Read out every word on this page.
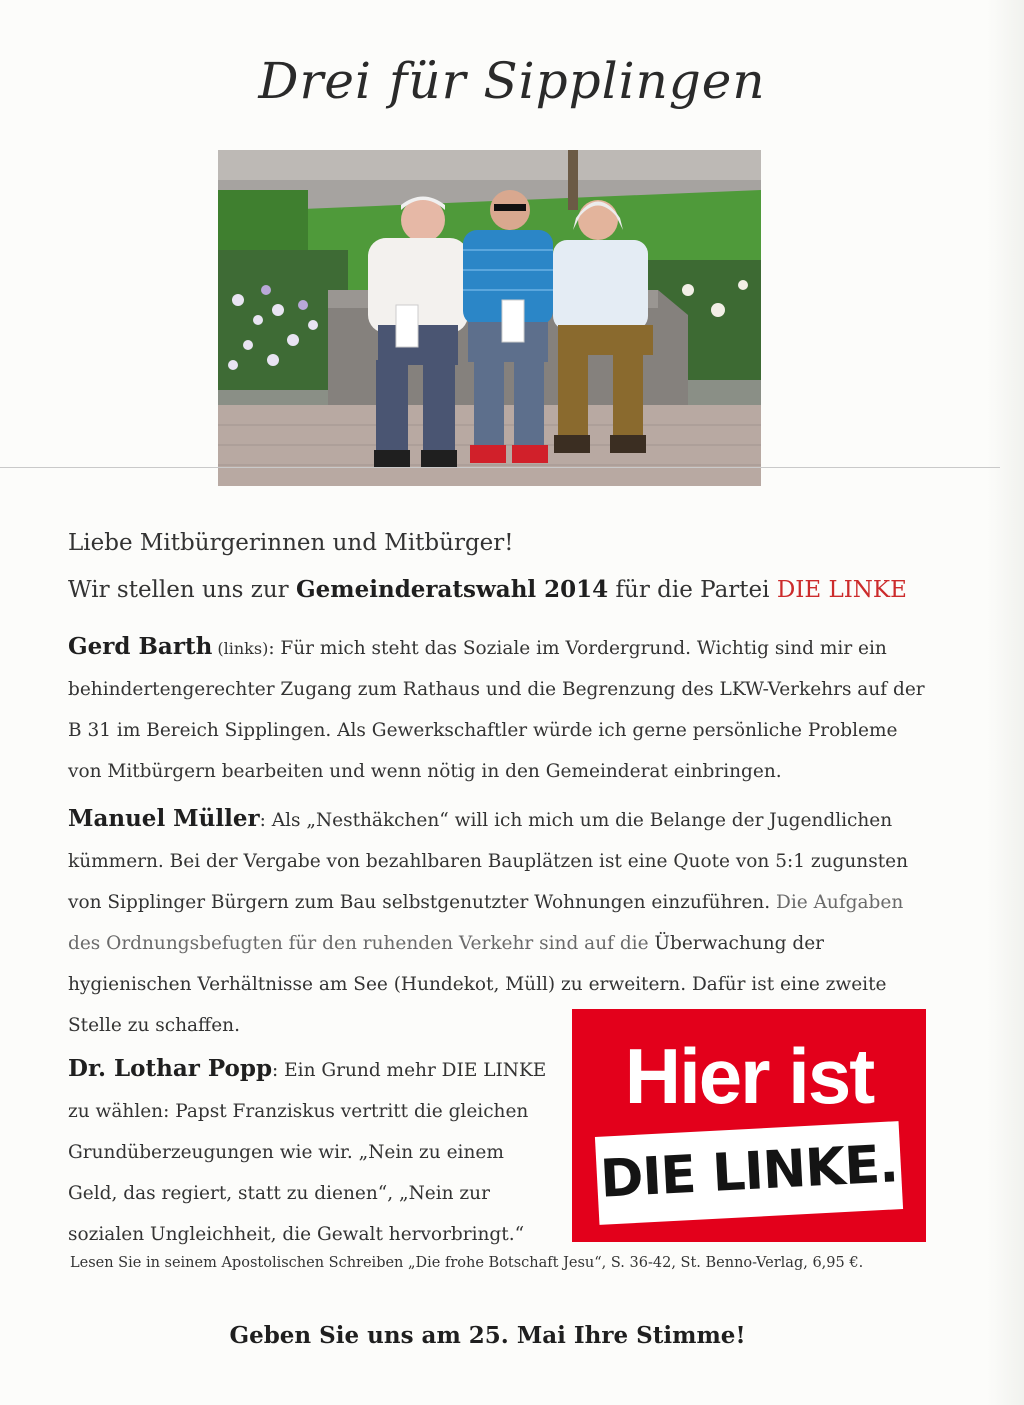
Drei für Sipplingen
Liebe Mitbürgerinnen und Mitbürger!
Wir stellen uns zur Gemeinderatswahl 2014 für die Partei DIE LINKE
Gerd Barth (links): Für mich steht das Soziale im Vordergrund. Wichtig sind mir ein behindertengerechter Zugang zum Rathaus und die Begrenzung des LKW-Verkehrs auf der B 31 im Bereich Sipplingen. Als Gewerkschaftler würde ich gerne persönliche Probleme von Mitbürgern bearbeiten und wenn nötig in den Gemeinderat einbringen.
Manuel Müller: Als „Nesthäkchen“ will ich mich um die Belange der Jugendlichen kümmern. Bei der Vergabe von bezahlbaren Bauplätzen ist eine Quote von 5:1 zugunsten von Sipplinger Bürgern zum Bau selbstgenutzter Wohnungen einzuführen. Die Aufgaben des Ordnungsbefugten für den ruhenden Verkehr sind auf die Überwachung der hygienischen Verhältnisse am See (Hundekot, Müll) zu erweitern. Dafür ist eine zweite Stelle zu schaffen.
Dr. Lothar Popp: Ein Grund mehr DIE LINKE zu wählen: Papst Franziskus vertritt die gleichen Grundüberzeugungen wie wir. „Nein zu einem Geld, das regiert, statt zu dienen“, „Nein zur sozialen Ungleichheit, die Gewalt hervorbringt.“
Hier ist
DIE LINKE.
Lesen Sie in seinem Apostolischen Schreiben „Die frohe Botschaft Jesu“, S. 36-42, St. Benno-Verlag, 6,95 €.
Geben Sie uns am 25. Mai Ihre Stimme!
